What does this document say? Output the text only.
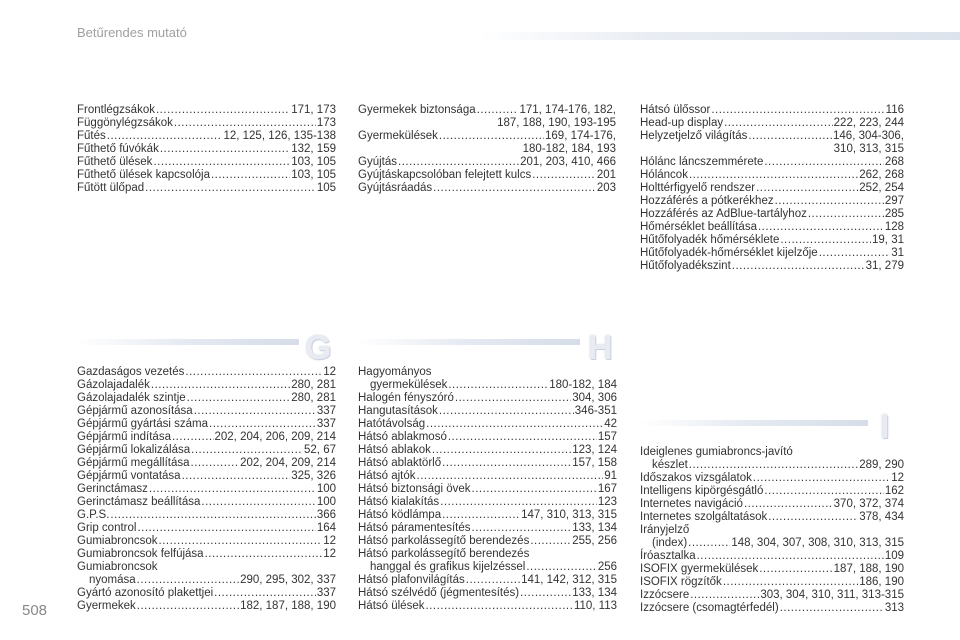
Betűrendes mutató
Frontlégzsákok .....	171, 173
Függönylégzsákok .....	173
Fűtés .....	12, 125, 126, 135-138
Fűthető fúvókák .....	132, 159
Fűthető ülések .....	103, 105
Fűthető ülések kapcsolója .....	103, 105
Fűtött ülőpad .....	105
G
Gazdaságos vezetés .....	12
Gázolajadalék .....	280, 281
Gázolajadalék szintje .....	280, 281
Gépjármű azonosítása .....	337
Gépjármű gyártási száma .....	337
Gépjármű indítása .....	202, 204, 206, 209, 214
Gépjármű lokalizálása .....	52, 67
Gépjármű megállítása .....	202, 204, 209, 214
Gépjármű vontatása .....	325, 326
Gerinctámasz .....	100
Gerinctámasz beállítása .....	100
G.P.S. .....	366
Grip control .....	164
Gumiabroncsok .....	12
Gumiabroncsok felfújása .....	12
Gumiabroncsok
nyomása .....	290, 295, 302, 337
Gyártó azonosító plakettjei .....	337
Gyermekek .....	182, 187, 188, 190
Gyermekek biztonsága .....	171, 174-176, 182,
187, 188, 190, 193-195
Gyermekülések .....	169, 174-176,
180-182, 184, 193
Gyújtás .....	201, 203, 410, 466
Gyújtáskapcsolóban felejtett kulcs .....	201
Gyújtásráadás .....	203
H
Hagyományos
gyermekülések .....	180-182, 184
Halogén fényszóró .....	304, 306
Hangutasítások .....	346-351
Hatótávolság .....	42
Hátsó ablakmosó .....	157
Hátsó ablakok .....	123, 124
Hátsó ablaktörlő .....	157, 158
Hátsó ajtók .....	91
Hátsó biztonsági övek .....	167
Hátsó kialakítás .....	123
Hátsó ködlámpa .....	147, 310, 313, 315
Hátsó páramentesítés .....	133, 134
Hátsó parkolássegítő berendezés .....	255, 256
Hátsó parkolássegítő berendezés
hanggal és grafikus kijelzéssel .....	256
Hátsó plafonvilágítás .....	141, 142, 312, 315
Hátsó szélvédő (jégmentesítés) .....	133, 134
Hátsó ülések .....	110, 113
Hátsó ülőssor .....	116
Head-up display .....	222, 223, 244
Helyzetjelző világítás .....	146, 304-306,
310, 313, 315
Hólánc láncszemmérete .....	268
Hóláncok .....	262, 268
Holttérfigyelő rendszer .....	252, 254
Hozzáférés a pótkerékhez .....	297
Hozzáférés az AdBlue-tartályhoz .....	285
Hőmérséklet beállítása .....	128
Hűtőfolyadék hőmérséklete .....	19, 31
Hűtőfolyadék-hőmérséklet kijelzője .....	31
Hűtőfolyadékszint .....	31, 279
I
Ideiglenes gumiabroncs-javító
készlet .....	289, 290
Időszakos vizsgálatok .....	12
Intelligens kipörgésgátló .....	162
Internetes navigáció .....	370, 372, 374
Internetes szolgáltatások .....	378, 434
Irányjelző
(index) .....	148, 304, 307, 308, 310, 313, 315
Íróasztalka .....	109
ISOFIX gyermekülések .....	187, 188, 190
ISOFIX rögzítők .....	186, 190
Izzócsere .....	303, 304, 310, 311, 313-315
Izzócsere (csomagtérfedél) .....	313
508
